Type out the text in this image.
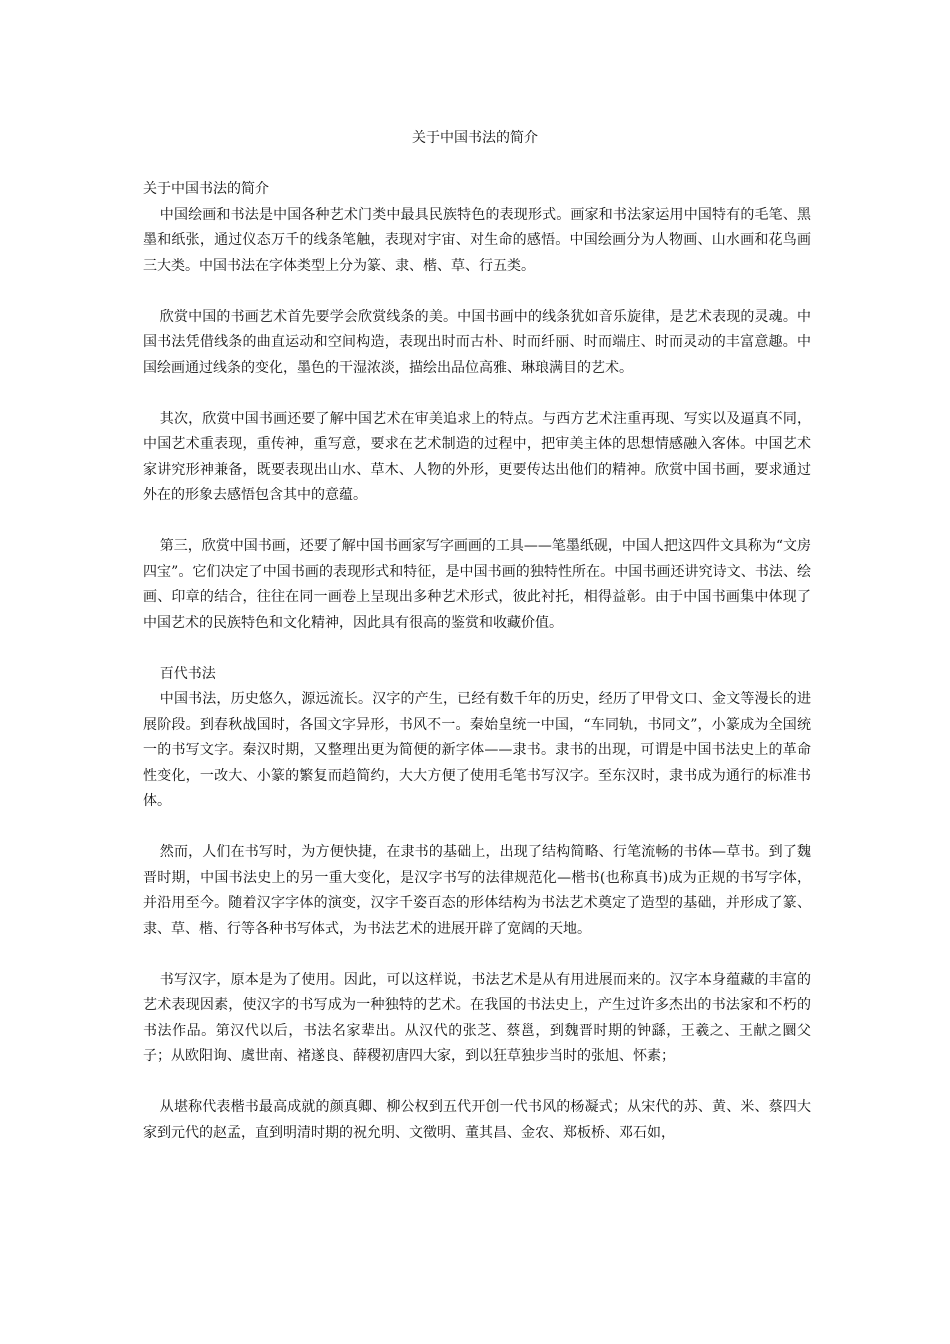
关于中国书法的简介

关于中国书法的简介

中国绘画和书法是中国各种艺术门类中最具民族特色的表现形式。画家和书法家运用中国特有的毛笔、黑墨和纸张，通过仪态万千的线条笔触，表现对宇宙、对生命的感悟。中国绘画分为人物画、山水画和花鸟画三大类。中国书法在字体类型上分为篆、隶、楷、草、行五类。

欣赏中国的书画艺术首先要学会欣赏线条的美。中国书画中的线条犹如音乐旋律，是艺术表现的灵魂。中国书法凭借线条的曲直运动和空间构造，表现出时而古朴、时而纤丽、时而端庄、时而灵动的丰富意趣。中国绘画通过线条的变化，墨色的干湿浓淡，描绘出品位高雅、琳琅满目的艺术。

其次，欣赏中国书画还要了解中国艺术在审美追求上的特点。与西方艺术注重再现、写实以及逼真不同，中国艺术重表现，重传神，重写意，要求在艺术制造的过程中，把审美主体的思想情感融入客体。中国艺术家讲究形神兼备，既要表现出山水、草木、人物的外形，更要传达出他们的精神。欣赏中国书画，要求通过外在的形象去感悟包含其中的意蕴。

第三，欣赏中国书画，还要了解中国书画家写字画画的工具——笔墨纸砚，中国人把这四件文具称为“文房四宝”。它们决定了中国书画的表现形式和特征，是中国书画的独特性所在。中国书画还讲究诗文、书法、绘画、印章的结合，往往在同一画卷上呈现出多种艺术形式，彼此衬托，相得益彰。由于中国书画集中体现了中国艺术的民族特色和文化精神，因此具有很高的鉴赏和收藏价值。

百代书法

中国书法，历史悠久，源远流长。汉字的产生，已经有数千年的历史，经历了甲骨文口、金文等漫长的进展阶段。到春秋战国时，各国文字异形，书风不一。秦始皇统一中国，“车同轨，书同文”，小篆成为全国统一的书写文字。秦汉时期，又整理出更为简便的新字体——隶书。隶书的出现，可谓是中国书法史上的革命性变化，一改大、小篆的繁复而趋简约，大大方便了使用毛笔书写汉字。至东汉时，隶书成为通行的标准书体。

然而，人们在书写时，为方便快捷，在隶书的基础上，出现了结构简略、行笔流畅的书体—草书。到了魏晋时期，中国书法史上的另一重大变化，是汉字书写的法律规范化—楷书(也称真书)成为正规的书写字体，并沿用至今。随着汉字字体的演变，汉字千姿百态的形体结构为书法艺术奠定了造型的基础，并形成了篆、隶、草、楷、行等各种书写体式，为书法艺术的进展开辟了宽阔的天地。

书写汉字，原本是为了使用。因此，可以这样说，书法艺术是从有用进展而来的。汉字本身蕴藏的丰富的艺术表现因素，使汉字的书写成为一种独特的艺术。在我国的书法史上，产生过许多杰出的书法家和不朽的书法作品。第汉代以后，书法名家辈出。从汉代的张芝、蔡邕，到魏晋时期的钟繇，王羲之、王献之圜父子；从欧阳询、虞世南、褚遂良、薛稷初唐四大家，到以狂草独步当时的张旭、怀素；

从堪称代表楷书最高成就的颜真卿、柳公权到五代开创一代书风的杨凝式；从宋代的苏、黄、米、蔡四大家到元代的赵孟，直到明清时期的祝允明、文徵明、董其昌、金农、郑板桥、邓石如，
